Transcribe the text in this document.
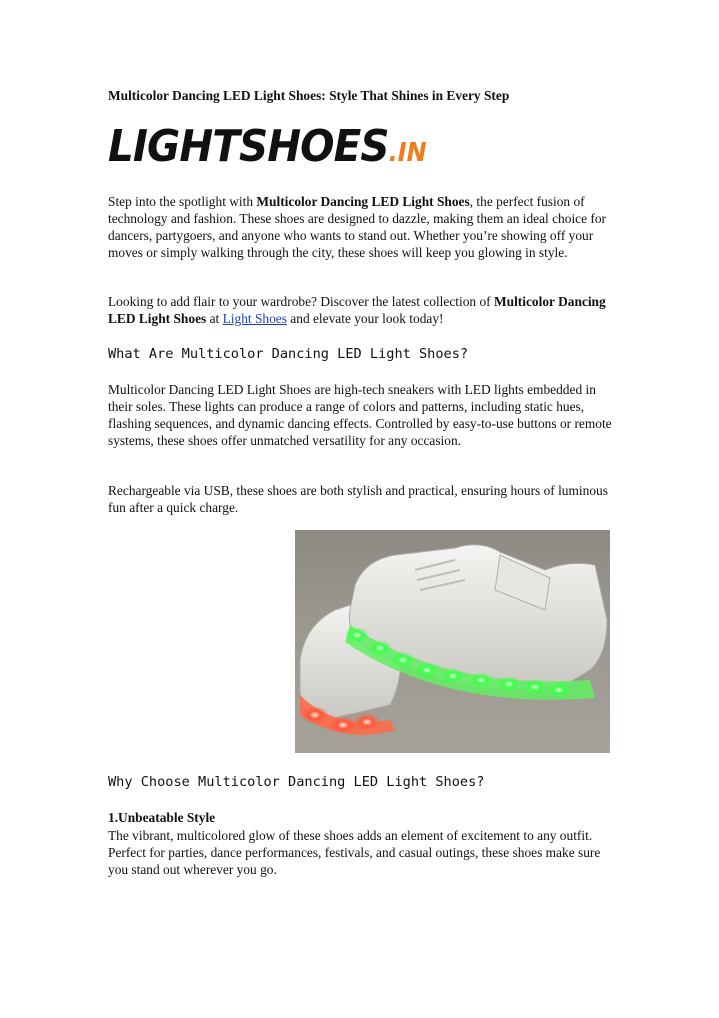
Multicolor Dancing LED Light Shoes: Style That Shines in Every Step
LIGHTSHOES.IN

Step into the spotlight with Multicolor Dancing LED Light Shoes, the perfect fusion of technology and fashion. These shoes are designed to dazzle, making them an ideal choice for dancers, partygoers, and anyone who wants to stand out. Whether you’re showing off your moves or simply walking through the city, these shoes will keep you glowing in style.

Looking to add flair to your wardrobe? Discover the latest collection of Multicolor Dancing LED Light Shoes at Light Shoes and elevate your look today!

What Are Multicolor Dancing LED Light Shoes?

Multicolor Dancing LED Light Shoes are high-tech sneakers with LED lights embedded in their soles. These lights can produce a range of colors and patterns, including static hues, flashing sequences, and dynamic dancing effects. Controlled by easy-to-use buttons or remote systems, these shoes offer unmatched versatility for any occasion.

Rechargeable via USB, these shoes are both stylish and practical, ensuring hours of luminous fun after a quick charge.

Why Choose Multicolor Dancing LED Light Shoes?
1.Unbeatable Style

The vibrant, multicolored glow of these shoes adds an element of excitement to any outfit. Perfect for parties, dance performances, festivals, and casual outings, these shoes make sure you stand out wherever you go.
